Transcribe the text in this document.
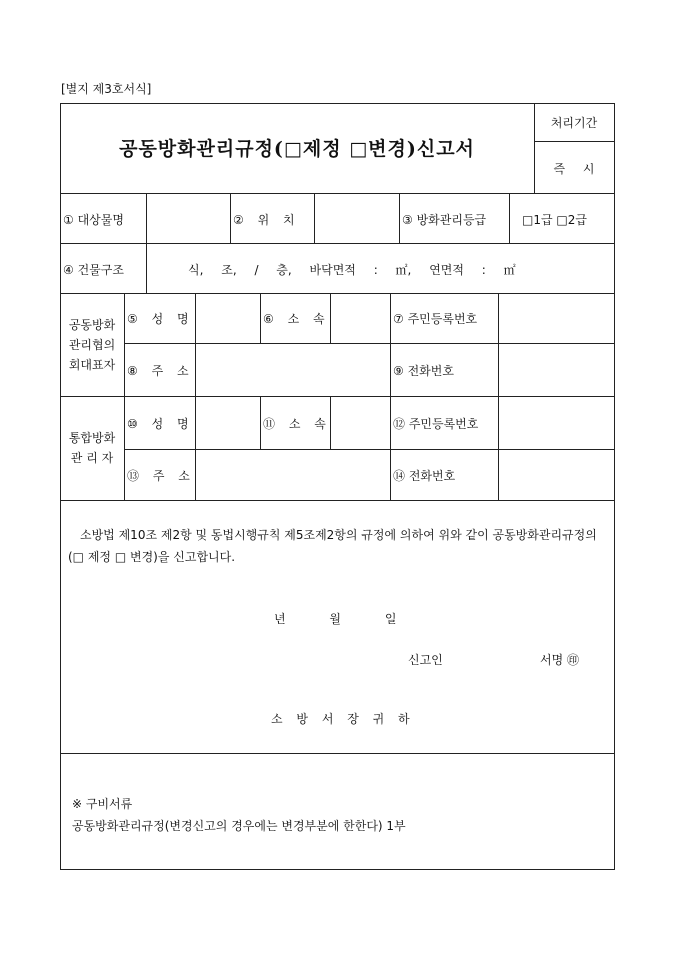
[별지 제3호서식]
공동방화관리규정(□제정 □변경)신고서
처리기간
즉 시
① 대상물명	② 위 치	③ 방화관리등급	□1급 □2급
④ 건물구조	식, 조, / 층, 바닥면적 : ㎡, 연면적 : ㎡
공동방화
관리협의
회대표자
⑤ 성 명	⑥ 소 속	⑦ 주민등록번호
⑧ 주 소	⑨ 전화번호
통합방화
관 리 자
⑩ 성 명	⑪ 소 속	⑫ 주민등록번호
⑬ 주 소	⑭ 전화번호
소방법 제10조 제2항 및 동법시행규칙 제5조제2항의 규정에 의하여 위와 같이 공동방화관리규정의 (□ 제정 □ 변경)을 신고합니다.
년 월 일
신고인	서명 ㊞
소 방 서 장 귀 하
※ 구비서류
공동방화관리규정(변경신고의 경우에는 변경부분에 한한다) 1부
